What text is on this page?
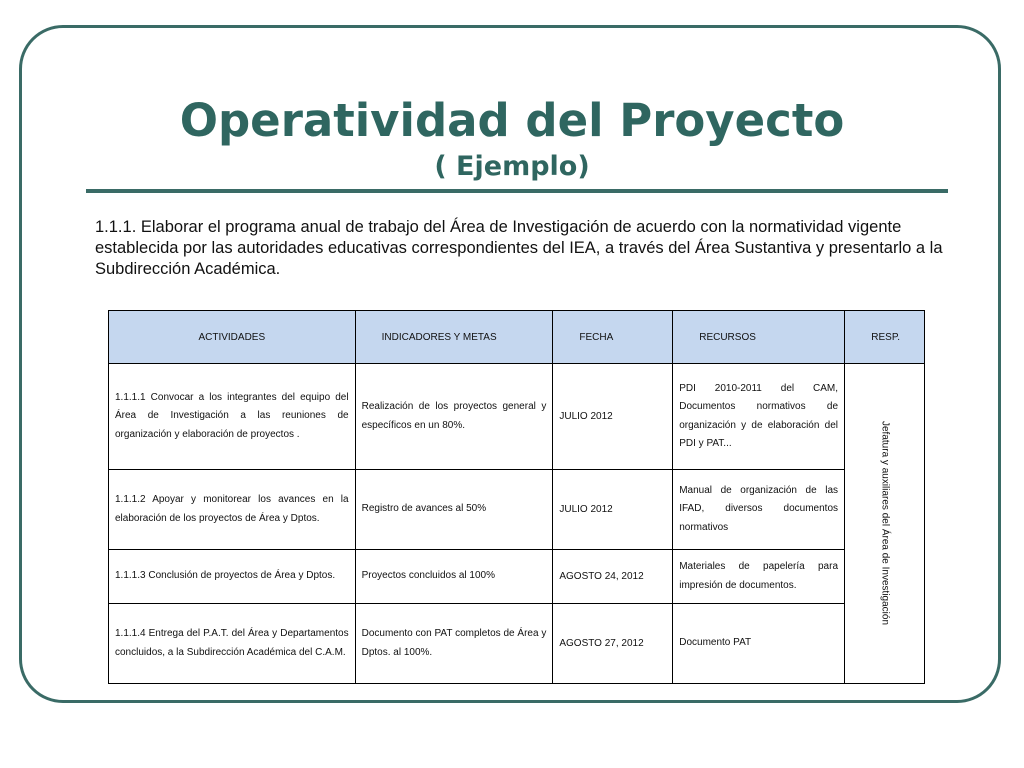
Operatividad del Proyecto
( Ejemplo)

1.1.1. Elaborar el programa anual de trabajo del Área de Investigación de acuerdo con la normatividad vigente establecida por las autoridades educativas correspondientes del IEA, a través del Área Sustantiva y presentarlo a la Subdirección Académica.

ACTIVIDADES	INDICADORES Y METAS	FECHA	RECURSOS	RESP.
1.1.1.1 Convocar a los integrantes del equipo del Área de Investigación a las reuniones de organización y elaboración de proyectos .	Realización de los proyectos general y específicos en un 80%.	JULIO 2012	PDI 2010-2011 del CAM, Documentos normativos de organización y de elaboración del PDI y PAT...	Jefatura y auxiliares del Área de Investigación

1.1.1.2 Apoyar y monitorear los avances en la elaboración de los proyectos de Área y Dptos.	Registro de avances al 50%	JULIO 2012	Manual de organización de las IFAD, diversos documentos normativos	
1.1.1.3 Conclusión de proyectos de Área y Dptos.	Proyectos concluidos al 100%	AGOSTO 24, 2012	Materiales de papelería para impresión de documentos.	
1.1.1.4 Entrega del P.A.T. del Área y Departamentos concluidos, a la Subdirección Académica del C.A.M.	Documento con PAT completos de Área y Dptos. al 100%.	AGOSTO 27, 2012	Documento PAT	
